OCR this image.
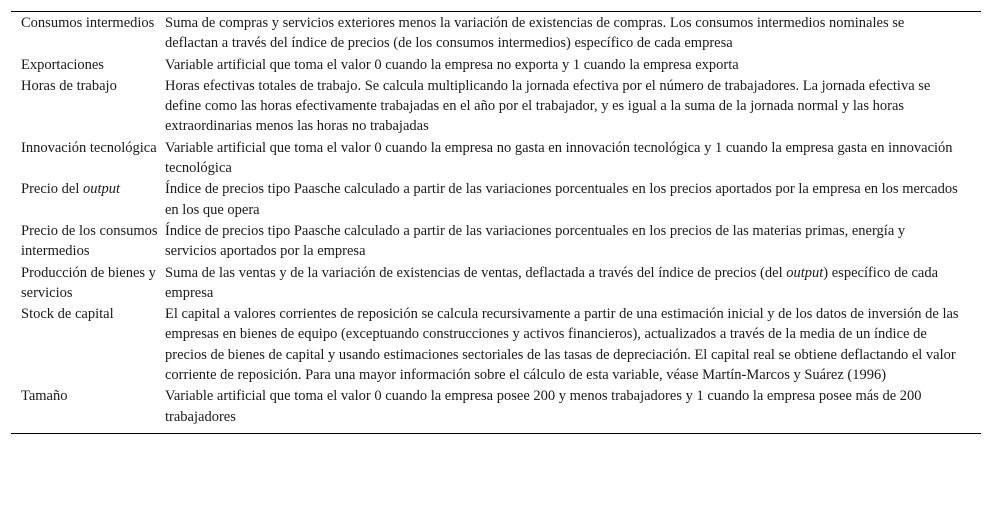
Consumos intermedios	Suma de compras y servicios exteriores menos la variación de existencias de compras. Los consumos intermedios nominales se deflactan a través del índice de precios (de los consumos intermedios) específico de cada empresa
Exportaciones	Variable artificial que toma el valor 0 cuando la empresa no exporta y 1 cuando la empresa exporta
Horas de trabajo	Horas efectivas totales de trabajo. Se calcula multiplicando la jornada efectiva por el número de trabajadores. La jornada efectiva se define como las horas efectivamente trabajadas en el año por el trabajador, y es igual a la suma de la jornada normal y las horas extraordinarias menos las horas no trabajadas
Innovación tecnológica	Variable artificial que toma el valor 0 cuando la empresa no gasta en innovación tecnológica y 1 cuando la empresa gasta en innovación tecnológica
Precio del output	Índice de precios tipo Paasche calculado a partir de las variaciones porcentuales en los precios aportados por la empresa en los mercados en los que opera
Precio de los consumos intermedios	Índice de precios tipo Paasche calculado a partir de las variaciones porcentuales en los precios de las materias primas, energía y servicios aportados por la empresa
Producción de bienes y servicios	Suma de las ventas y de la variación de existencias de ventas, deflactada a través del índice de precios (del output) específico de cada empresa
Stock de capital	El capital a valores corrientes de reposición se calcula recursivamente a partir de una estimación inicial y de los datos de inversión de las empresas en bienes de equipo (exceptuando construcciones y activos financieros), actualizados a través de la media de un índice de precios de bienes de capital y usando estimaciones sectoriales de las tasas de depreciación. El capital real se obtiene deflactando el valor corriente de reposición. Para una mayor información sobre el cálculo de esta variable, véase Martín-Marcos y Suárez (1996)
Tamaño	Variable artificial que toma el valor 0 cuando la empresa posee 200 y menos trabajadores y 1 cuando la empresa posee más de 200 trabajadores
